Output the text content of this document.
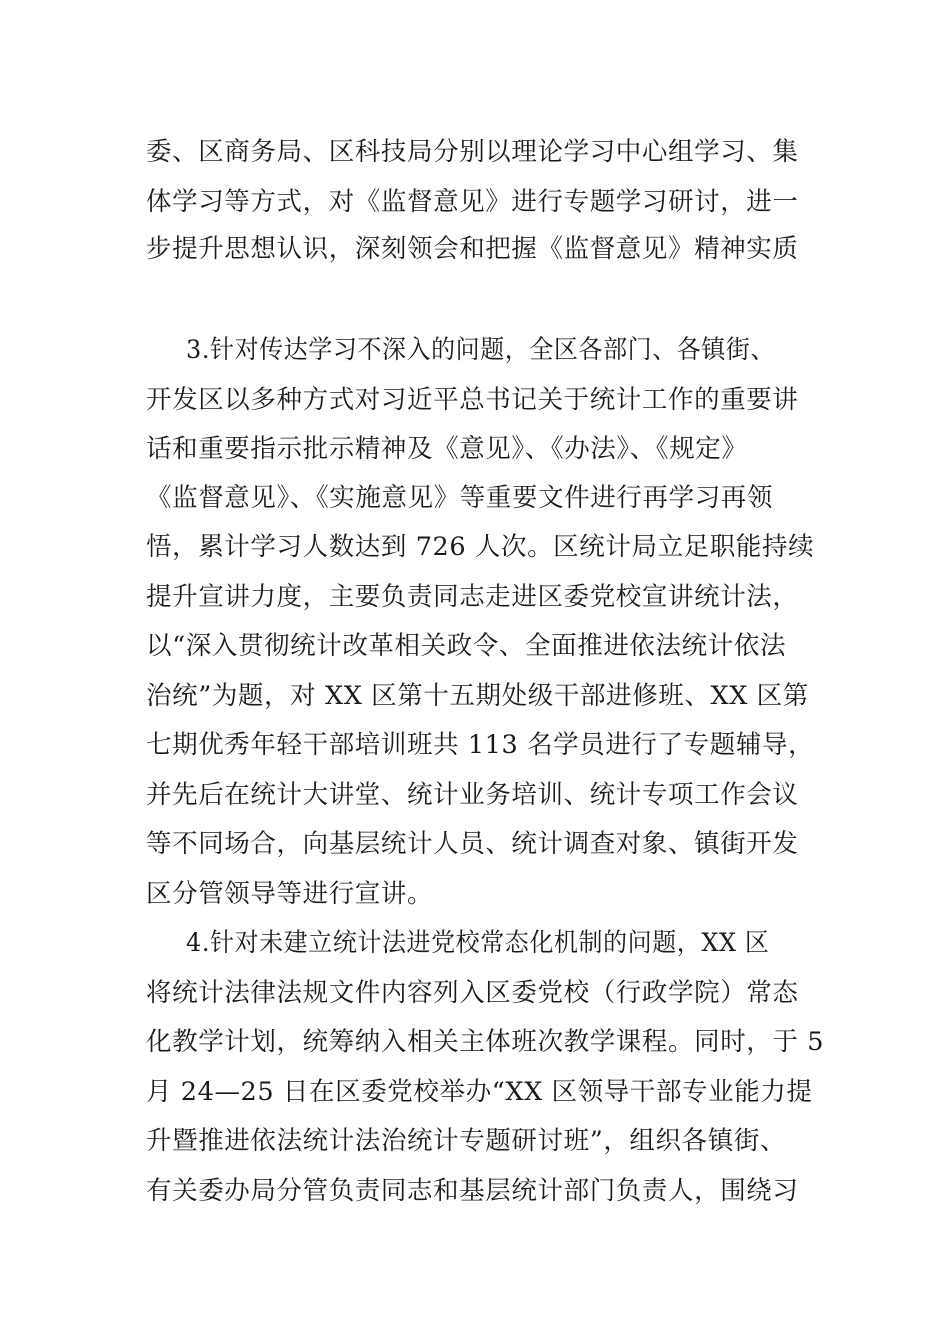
委、区商务局、区科技局分别以理论学习中心组学习、集
体学习等方式，对《监督意见》进行专题学习研讨，进一
步提升思想认识，深刻领会和把握《监督意见》精神实质
3.针对传达学习不深入的问题，全区各部门、各镇街、
开发区以多种方式对习近平总书记关于统计工作的重要讲
话和重要指示批示精神及《意见》、《办法》、《规定》
《监督意见》、《实施意见》等重要文件进行再学习再领
悟，累计学习人数达到 726 人次。区统计局立足职能持续
提升宣讲力度，主要负责同志走进区委党校宣讲统计法，
以“深入贯彻统计改革相关政令、全面推进依法统计依法
治统”为题，对 XX 区第十五期处级干部进修班、XX 区第
七期优秀年轻干部培训班共 113 名学员进行了专题辅导，
并先后在统计大讲堂、统计业务培训、统计专项工作会议
等不同场合，向基层统计人员、统计调查对象、镇街开发
区分管领导等进行宣讲。
4.针对未建立统计法进党校常态化机制的问题，XX 区
将统计法律法规文件内容列入区委党校（行政学院）常态
化教学计划，统筹纳入相关主体班次教学课程。同时，于 5
月 24—25 日在区委党校举办“XX 区领导干部专业能力提
升暨推进依法统计法治统计专题研讨班”，组织各镇街、
有关委办局分管负责同志和基层统计部门负责人，围绕习
